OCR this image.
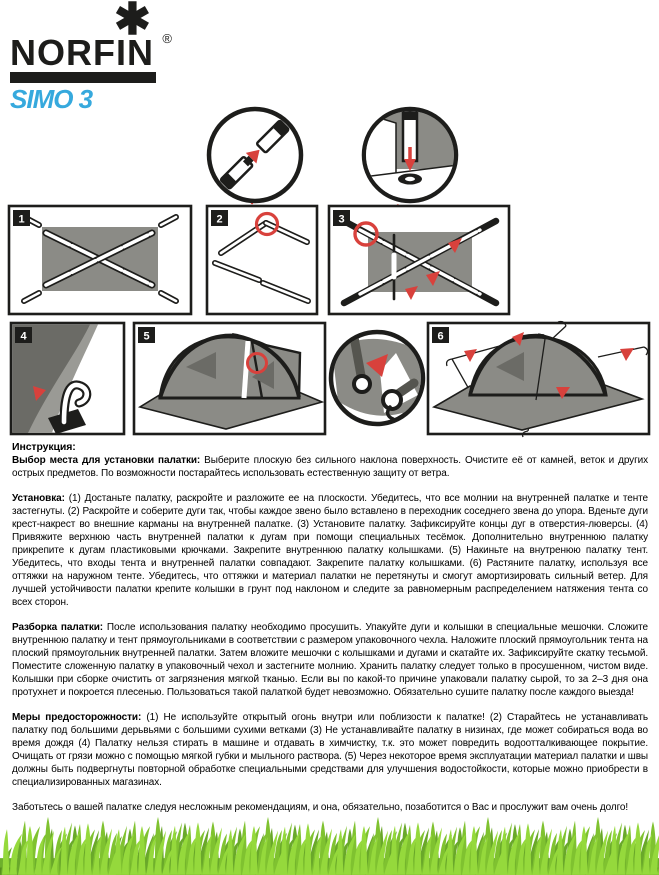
✱
NORFIN ®
SIMO 3
1	2	3
4	5	6

Инструкция:

Выбор места для установки палатки: Выберите плоскую без сильного наклона поверхность. Очистите её от камней, веток и других острых предметов. По возможности постарайтесь использовать естественную защиту от ветра.

Установка: (1) Достаньте палатку, раскройте и разложите ее на плоскости. Убедитесь, что все молнии на внутренней палатке и тенте застегнуты. (2) Раскройте и соберите дуги так, чтобы каждое звено было вставлено в переходник соседнего звена до упора. Вденьте дуги крест-накрест во внешние карманы на внутренней палатке. (3) Установите палатку. Зафиксируйте концы дуг в отверстия-люверсы. (4) Привяжите верхнюю часть внутренней палатки к дугам при помощи специальных тесёмок. Дополнительно внутреннюю палатку прикрепите к дугам пластиковыми крючками. Закрепите внутреннюю палатку колышками. (5) Накиньте на внутренюю палатку тент. Убедитесь, что входы тента и внутренней палатки совпадают. Закрепите палатку колышками. (6) Растяните палатку, используя все оттяжки на наружном тенте. Убедитесь, что оттяжки и материал палатки не перетянуты и смогут амортизировать сильный ветер. Для лучшей устойчивости палатки крепите колышки в грунт под наклоном и следите за равномерным распределением натяжения тента со всех сторон.

Разборка палатки: После использования палатку необходимо просушить. Упакуйте дуги и колышки в специальные мешочки. Сложите внутреннюю палатку и тент прямоугольниками в соответствии с размером упаковочного чехла. Наложите плоский прямоугольник тента на плоский прямоугольник внутренней палатки. Затем вложите мешочки с колышками и дугами и скатайте их. Зафиксируйте скатку тесьмой. Поместите сложенную палатку в упаковочный чехол и застегните молнию. Хранить палатку следует только в просушенном, чистом виде. Колышки при сборке очистить от загрязнения мягкой тканью. Если вы по какой-то причине упаковали палатку сырой, то за 2–3 дня она протухнет и покроется плесенью. Пользоваться такой палаткой будет невозможно. Обязательно сушите палатку после каждого выезда!

Меры предосторожности: (1) Не используйте открытый огонь внутри или поблизости к палатке! (2) Старайтесь не устанавливать палатку под большими дерьвьями с большими сухими ветками (3) Не устанавливайте палатку в низинах, где может собираться вода во время дождя (4) Палатку нельзя стирать в машине и отдавать в химчистку, т.к. это может повредить водоотталкивающее покрытие. Очищать от грязи можно с помощью мягкой губки и мыльного раствора. (5) Через некоторое время эксплуатации материал палатки и швы должны быть подвергнуты повторной обработке специальными средствами для улучшения водостойкости, которые можно приобрести в специализированных магазинах.

Заботьтесь о вашей палатке следуя несложным рекомендациям, и она, обязательно, позаботится о Вас и прослужит вам очень долго!
